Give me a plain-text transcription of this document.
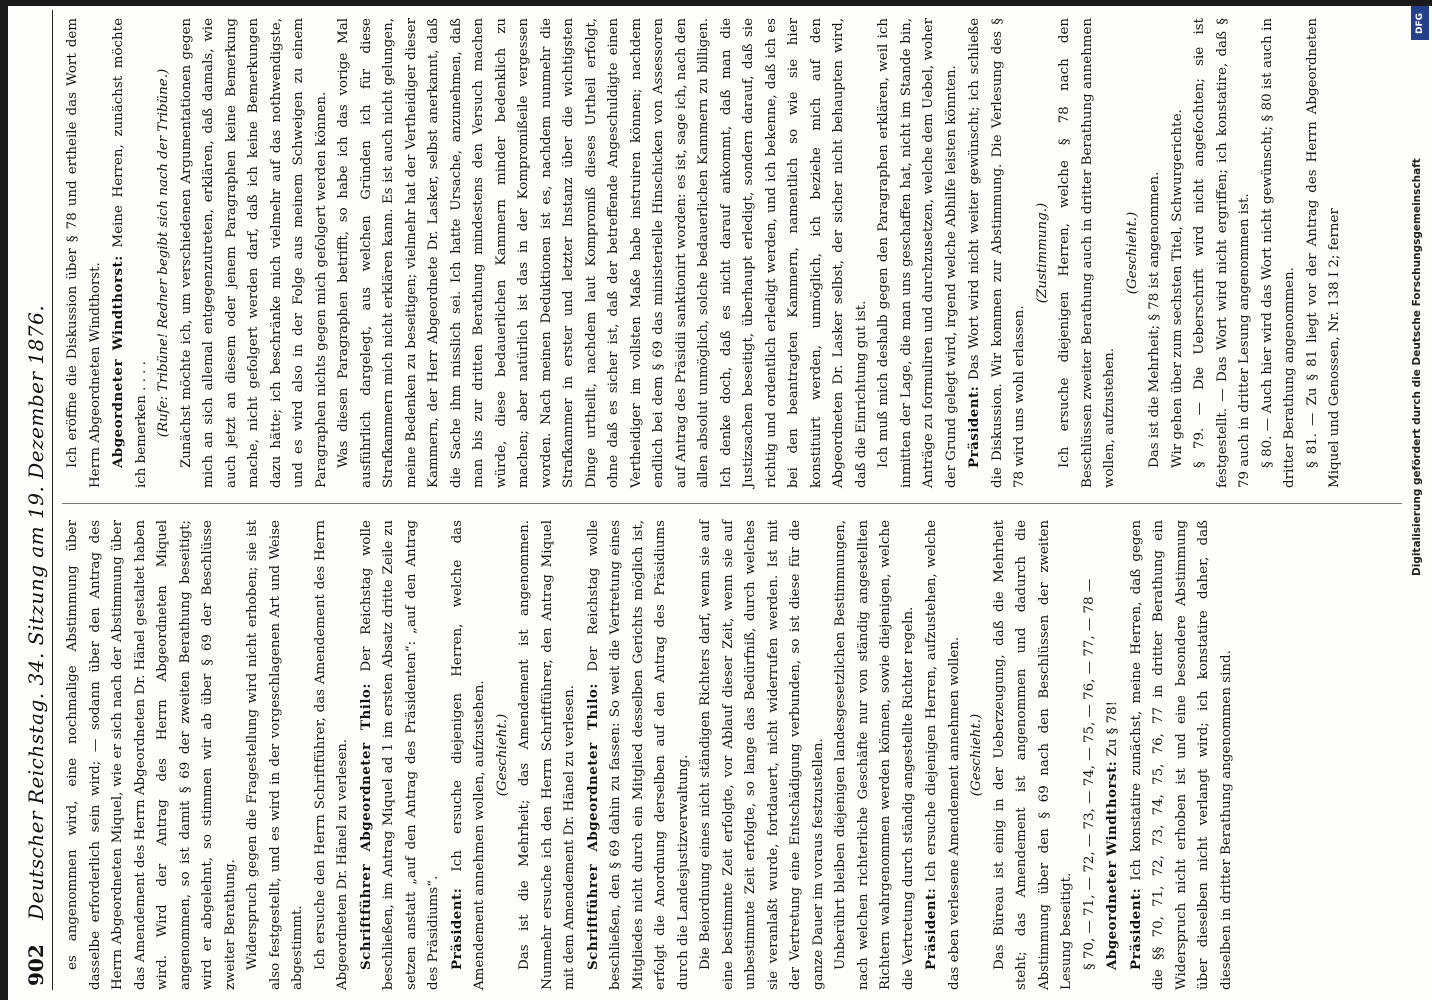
902
Deutscher Reichstag. 34. Sitzung am 19. Dezember 1876. es angenommen wird, eine nochmalige Abstimmung über dasselbe erforderlich sein wird; — sodann über den Antrag des Herrn Abgeordneten Miquel, wie er sich nach der Abstimmung über das Amendement des Herrn Abgeordneten Dr. Hänel gestaltet haben wird. Wird der Antrag des Herrn Abgeordneten Miquel angenommen, so ist damit § 69 der zweiten Berathung beseitigt; wird er abgelehnt, so stimmen wir ab über § 69 der Beschlüsse zweiter Berathung. Widerspruch gegen die Fragestellung wird nicht erhoben; sie ist also festgestellt, und es wird in der vorgeschlagenen Art und Weise abgestimmt. Ich ersuche den Herrn Schriftführer, das Amendement des Herrn Abgeordneten Dr. Hänel zu verlesen. Schriftführer Abgeordneter Thilo: Der Reichstag wolle beschließen, im Antrag Miquel ad 1 im ersten Absatz dritte Zeile zu setzen anstatt „auf den Antrag des Präsidenten“: „auf den Antrag des Präsidiums“. Präsident: Ich ersuche diejenigen Herren, welche das Amendement annehmen wollen, aufzustehen. (Geschieht.) Das ist die Mehrheit; das Amendement ist angenommen. Nunmehr ersuche ich den Herrn Schriftführer, den Antrag Miquel mit dem Amendement Dr. Hänel zu verlesen. Schriftführer Abgeordneter Thilo: Der Reichstag wolle beschließen, den § 69 dahin zu fassen: So weit die Vertretung eines Mitgliedes nicht durch ein Mitglied desselben Gerichts möglich ist, erfolgt die Anordnung derselben auf den Antrag des Präsidiums durch die Landesjustizverwaltung. Die Beiordnung eines nicht ständigen Richters darf, wenn sie auf eine bestimmte Zeit erfolgte, vor Ablauf dieser Zeit, wenn sie auf unbestimmte Zeit erfolgte, so lange das Bedürfniß, durch welches sie veranlaßt wurde, fortdauert, nicht widerrufen werden. Ist mit der Vertretung eine Entschädigung verbunden, so ist diese für die ganze Dauer im voraus festzustellen. Unberührt bleiben diejenigen landesgesetzlichen Bestimmungen, nach welchen richterliche Geschäfte nur von ständig angestellten Richtern wahrgenommen werden können, sowie diejenigen, welche die Vertretung durch ständig angestellte Richter regeln. Präsident: Ich ersuche diejenigen Herren, aufzustehen, welche das eben verlesene Amendement annehmen wollen. (Geschieht.) Das Büreau ist einig in der Ueberzeugung, daß die Mehrheit steht; das Amendement ist angenommen und dadurch die Abstimmung über den § 69 nach den Beschlüssen der zweiten Lesung beseitigt. § 70, — 71, — 72, — 73, — 74, — 75, — 76, — 77, — 78 — Abgeordneter Windthorst: Zu § 78!

Präsident: Ich konstatire zunächst, meine Herren, daß gegen die §§ 70, 71, 72, 73, 74, 75, 76, 77 in dritter Berathung ein Widerspruch nicht erhoben ist und eine besondere Abstimmung über dieselben nicht verlangt wird; ich konstatire daher, daß dieselben in dritter Berathung angenommen sind.

Ich eröffne die Diskussion über § 78 und ertheile das Wort dem Herrn Abgeordneten Windthorst. Abgeordneter Windthorst: Meine Herren, zunächst möchte ich bemerken . . . . (Rufe: Tribüne! Redner begibt sich nach der Tribüne.) Zunächst möchte ich, um verschiedenen Argumentationen gegen mich an sich allemal entgegenzutreten, erklären, daß damals, wie auch jetzt an diesem oder jenem Paragraphen keine Bemerkung mache, nicht gefolgert werden darf, daß ich keine Bemerkungen dazu hätte; ich beschränke mich vielmehr auf das nothwendigste, und es wird also in der Folge aus meinem Schweigen zu einem Paragraphen nichts gegen mich gefolgert werden können. Was diesen Paragraphen betrifft, so habe ich das vorige Mal ausführlich dargelegt, aus welchen Gründen ich für diese Strafkammern mich nicht erklären kann. Es ist auch nicht gelungen, meine Bedenken zu beseitigen; vielmehr hat der Vertheidiger dieser Kammern, der Herr Abgeordnete Dr. Lasker, selbst anerkannt, daß die Sache ihm misslich sei. Ich hatte Ursache, anzunehmen, daß man bis zur dritten Berathung mindestens den Versuch machen würde, diese bedauerlichen Kammern minder bedenklich zu machen; aber natürlich ist das in der Kompromißeile vergessen worden. Nach meinen Deduktionen ist es, nachdem nunmehr die Strafkammer in erster und letzter Instanz über die wichtigsten Dinge urtheilt, nachdem laut Kompromiß dieses Urtheil erfolgt, ohne daß es sicher ist, daß der betreffende Angeschuldigte einen Vertheidiger im vollsten Maße habe instruiren können; nachdem endlich bei dem § 69 das ministerielle Hinschicken von Assessoren auf Antrag des Präsidii sanktionirt worden: es ist, sage ich, nach den allen absolut unmöglich, solche bedauerlichen Kammern zu billigen. Ich denke doch, daß es nicht darauf ankommt, daß man die Justizsachen beseitigt, überhaupt erledigt, sondern darauf, daß sie richtig und ordentlich erledigt werden, und ich bekenne, daß ich es bei den beantragten Kammern, namentlich so wie sie hier konstituirt werden, unmöglich, ich beziehe mich auf den Abgeordneten Dr. Lasker selbst, der sicher nicht behaupten wird, daß die Einrichtung gut ist. Ich muß mich deshalb gegen den Paragraphen erklären, weil ich inmitten der Lage, die man uns geschaffen hat, nicht im Stande bin, Anträge zu formuliren und durchzusetzen, welche dem Uebel, woher der Grund gelegt wird, irgend welche Abhilfe leisten könnten. Präsident: Das Wort wird nicht weiter gewünscht; ich schließe die Diskussion. Wir kommen zur Abstimmung. Die Verlesung des § 78 wird uns wohl erlassen.

(Zustimmung.) Ich ersuche diejenigen Herren, welche § 78 nach den Beschlüssen zweiter Berathung auch in dritter Berathung annehmen wollen, aufzustehen.

(Geschieht.) Das ist die Mehrheit; § 78 ist angenommen. Wir gehen über zum sechsten Titel, Schwurgerichte. § 79. — Die Ueberschrift wird nicht angefochten; sie ist festgestellt. — Das Wort wird nicht ergriffen; ich konstatire, daß § 79 auch in dritter Lesung angenommen ist. § 80. — Auch hier wird das Wort nicht gewünscht; § 80 ist auch in dritter Berathung angenommen. § 81. — Zu § 81 liegt vor der Antrag des Herrn Abgeordneten Miquel und Genossen, Nr. 138 I 2; ferner	Digitalisierung gefördert durch die Deutsche Forschungsgemeinschaft
DFG
